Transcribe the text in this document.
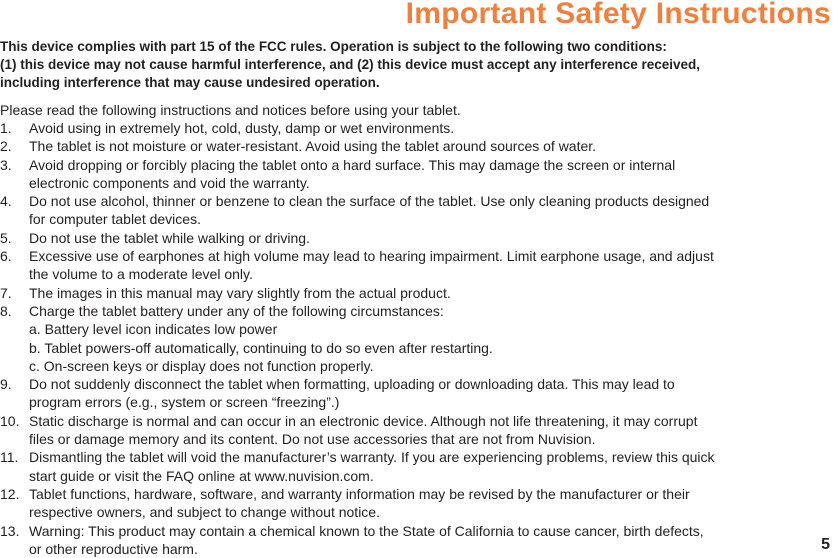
Important Safety Instructions
This device complies with part 15 of the FCC rules. Operation is subject to the following two conditions:
(1) this device may not cause harmful interference, and (2) this device must accept any interference received,
including interference that may cause undesired operation.
Please read the following instructions and notices before using your tablet.
1. Avoid using in extremely hot, cold, dusty, damp or wet environments.
2. The tablet is not moisture or water-resistant. Avoid using the tablet around sources of water.
3. Avoid dropping or forcibly placing the tablet onto a hard surface. This may damage the screen or internal
electronic components and void the warranty.
4. Do not use alcohol, thinner or benzene to clean the surface of the tablet. Use only cleaning products designed
for computer tablet devices.
5. Do not use the tablet while walking or driving.
6. Excessive use of earphones at high volume may lead to hearing impairment. Limit earphone usage, and adjust
the volume to a moderate level only.
7. The images in this manual may vary slightly from the actual product.
8. Charge the tablet battery under any of the following circumstances:
a. Battery level icon indicates low power
b. Tablet powers-off automatically, continuing to do so even after restarting.
c. On-screen keys or display does not function properly.
9. Do not suddenly disconnect the tablet when formatting, uploading or downloading data. This may lead to
program errors (e.g., system or screen “freezing”.)
10. Static discharge is normal and can occur in an electronic device. Although not life threatening, it may corrupt
files or damage memory and its content. Do not use accessories that are not from Nuvision.
11. Dismantling the tablet will void the manufacturer’s warranty. If you are experiencing problems, review this quick
start guide or visit the FAQ online at www.nuvision.com.
12. Tablet functions, hardware, software, and warranty information may be revised by the manufacturer or their
respective owners, and subject to change without notice.
13. Warning: This product may contain a chemical known to the State of California to cause cancer, birth defects,
or other reproductive harm.	5
